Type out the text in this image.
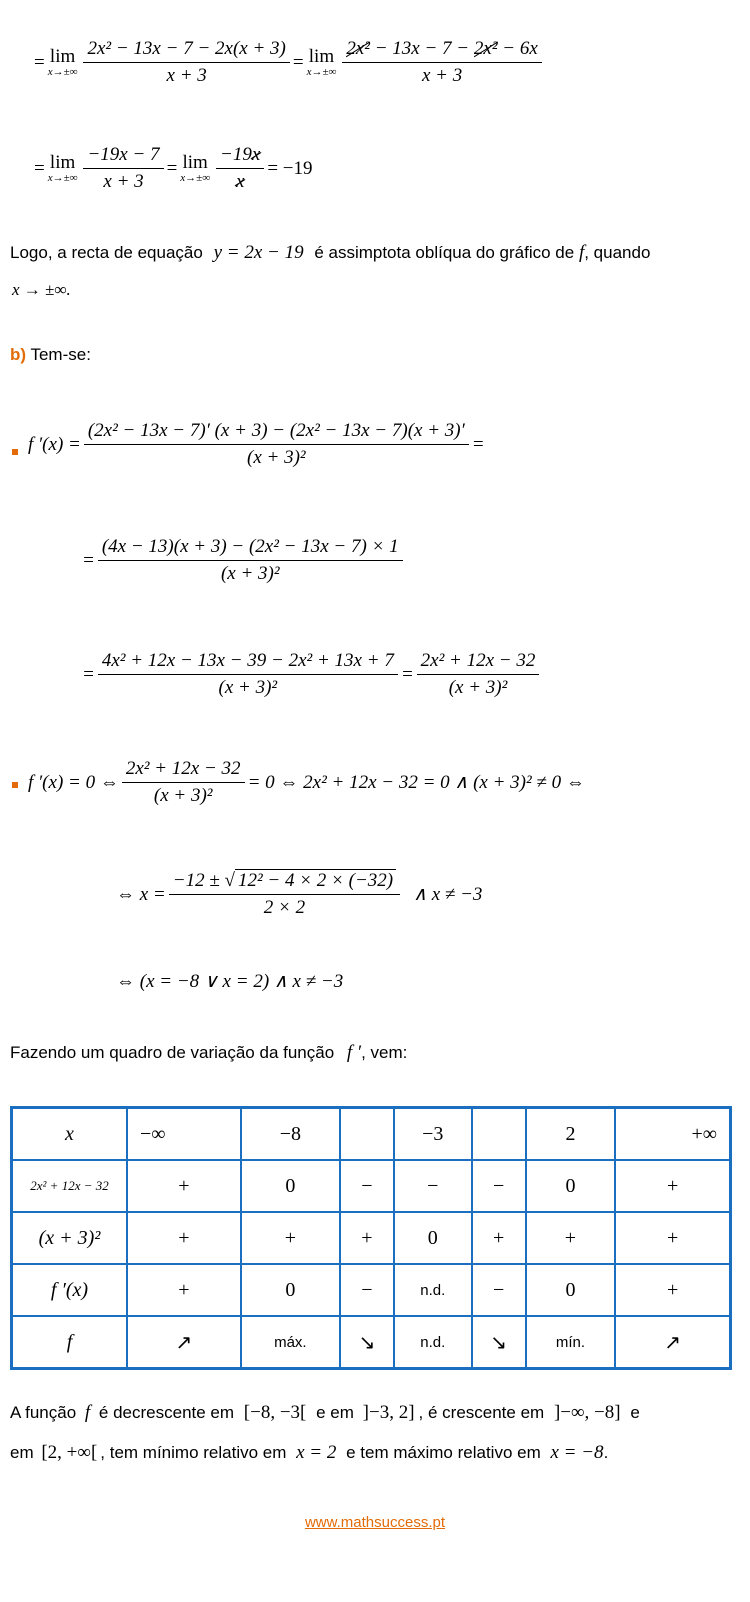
= lim
$x\to\pm\infty \frac{\text{2x² − 13x − 7 − 2x(x + 3)}}{x + 3} = \lim$
$x\to\pm\infty \frac{\text{2x² − 13x − 7 − 2x² − 6x}}{x + 3}$
= lim
$x\to\pm\infty \frac{-19x - 7}{x + 3} = \lim$
$x\to\pm\infty \frac{-19x}{x} = -19$
Logo, a recta de equação y = 2x − 19 é assimptota oblíqua do gráfico de f, quando
x → ±∞.
b) Tem-se:
f $'(x) = \frac{\text{(2x² − 13x − 7)′ (x + 3) − (2x² − 13x − 7)(x + 3)′}}{\text{(x + 3)²}}$ =
= $\frac{\text{(4x − 13)(x + 3) − (2x² − 13x − 7) × 1}}{\text{(x + 3)²}}$
= $\frac{\text{4x² + 12x − 13x − 39 − 2x² + 13x + 7}}{\text{(x + 3)²}} = \frac{\text{2x² + 12x − 32}}{\text{(x + 3)²}}$
f ′(x) = 0 ⇔ $\frac{\text{2x² + 12x − 32}}{\text{(x + 3)²}} = 0$ ⇔ 2x² + 12x − 32 = 0 ∧ (x + 3)² ≠ 0 ⇔
⇔ $x = \frac{\text{−12 ± √ 12² − 4 × 2 × (−32)}}{2 \times 2}$ ∧ x ≠ −3
⇔ (x = −8 ∨ x = 2) ∧ x ≠ −3
Fazendo um quadro de variação da função f ′, vem:
x	−∞	−8		−3		2	+∞
2x² + 12x − 32	+	0	−	−	−	0	+
(x + 3)²	+	+	+	0	+	+	+
f ′(x)	+	0	−	n.d.	−	0	+
f	↗	máx.	↘	n.d.	↘	mín.	↗
A função f é decrescente em [−8, −3[ e em ]−3, 2] , é crescente em ]−∞, −8] e
em [2, +∞[ , tem mínimo relativo em x = 2 e tem máximo relativo em x = −8.
www.mathsuccess.pt
